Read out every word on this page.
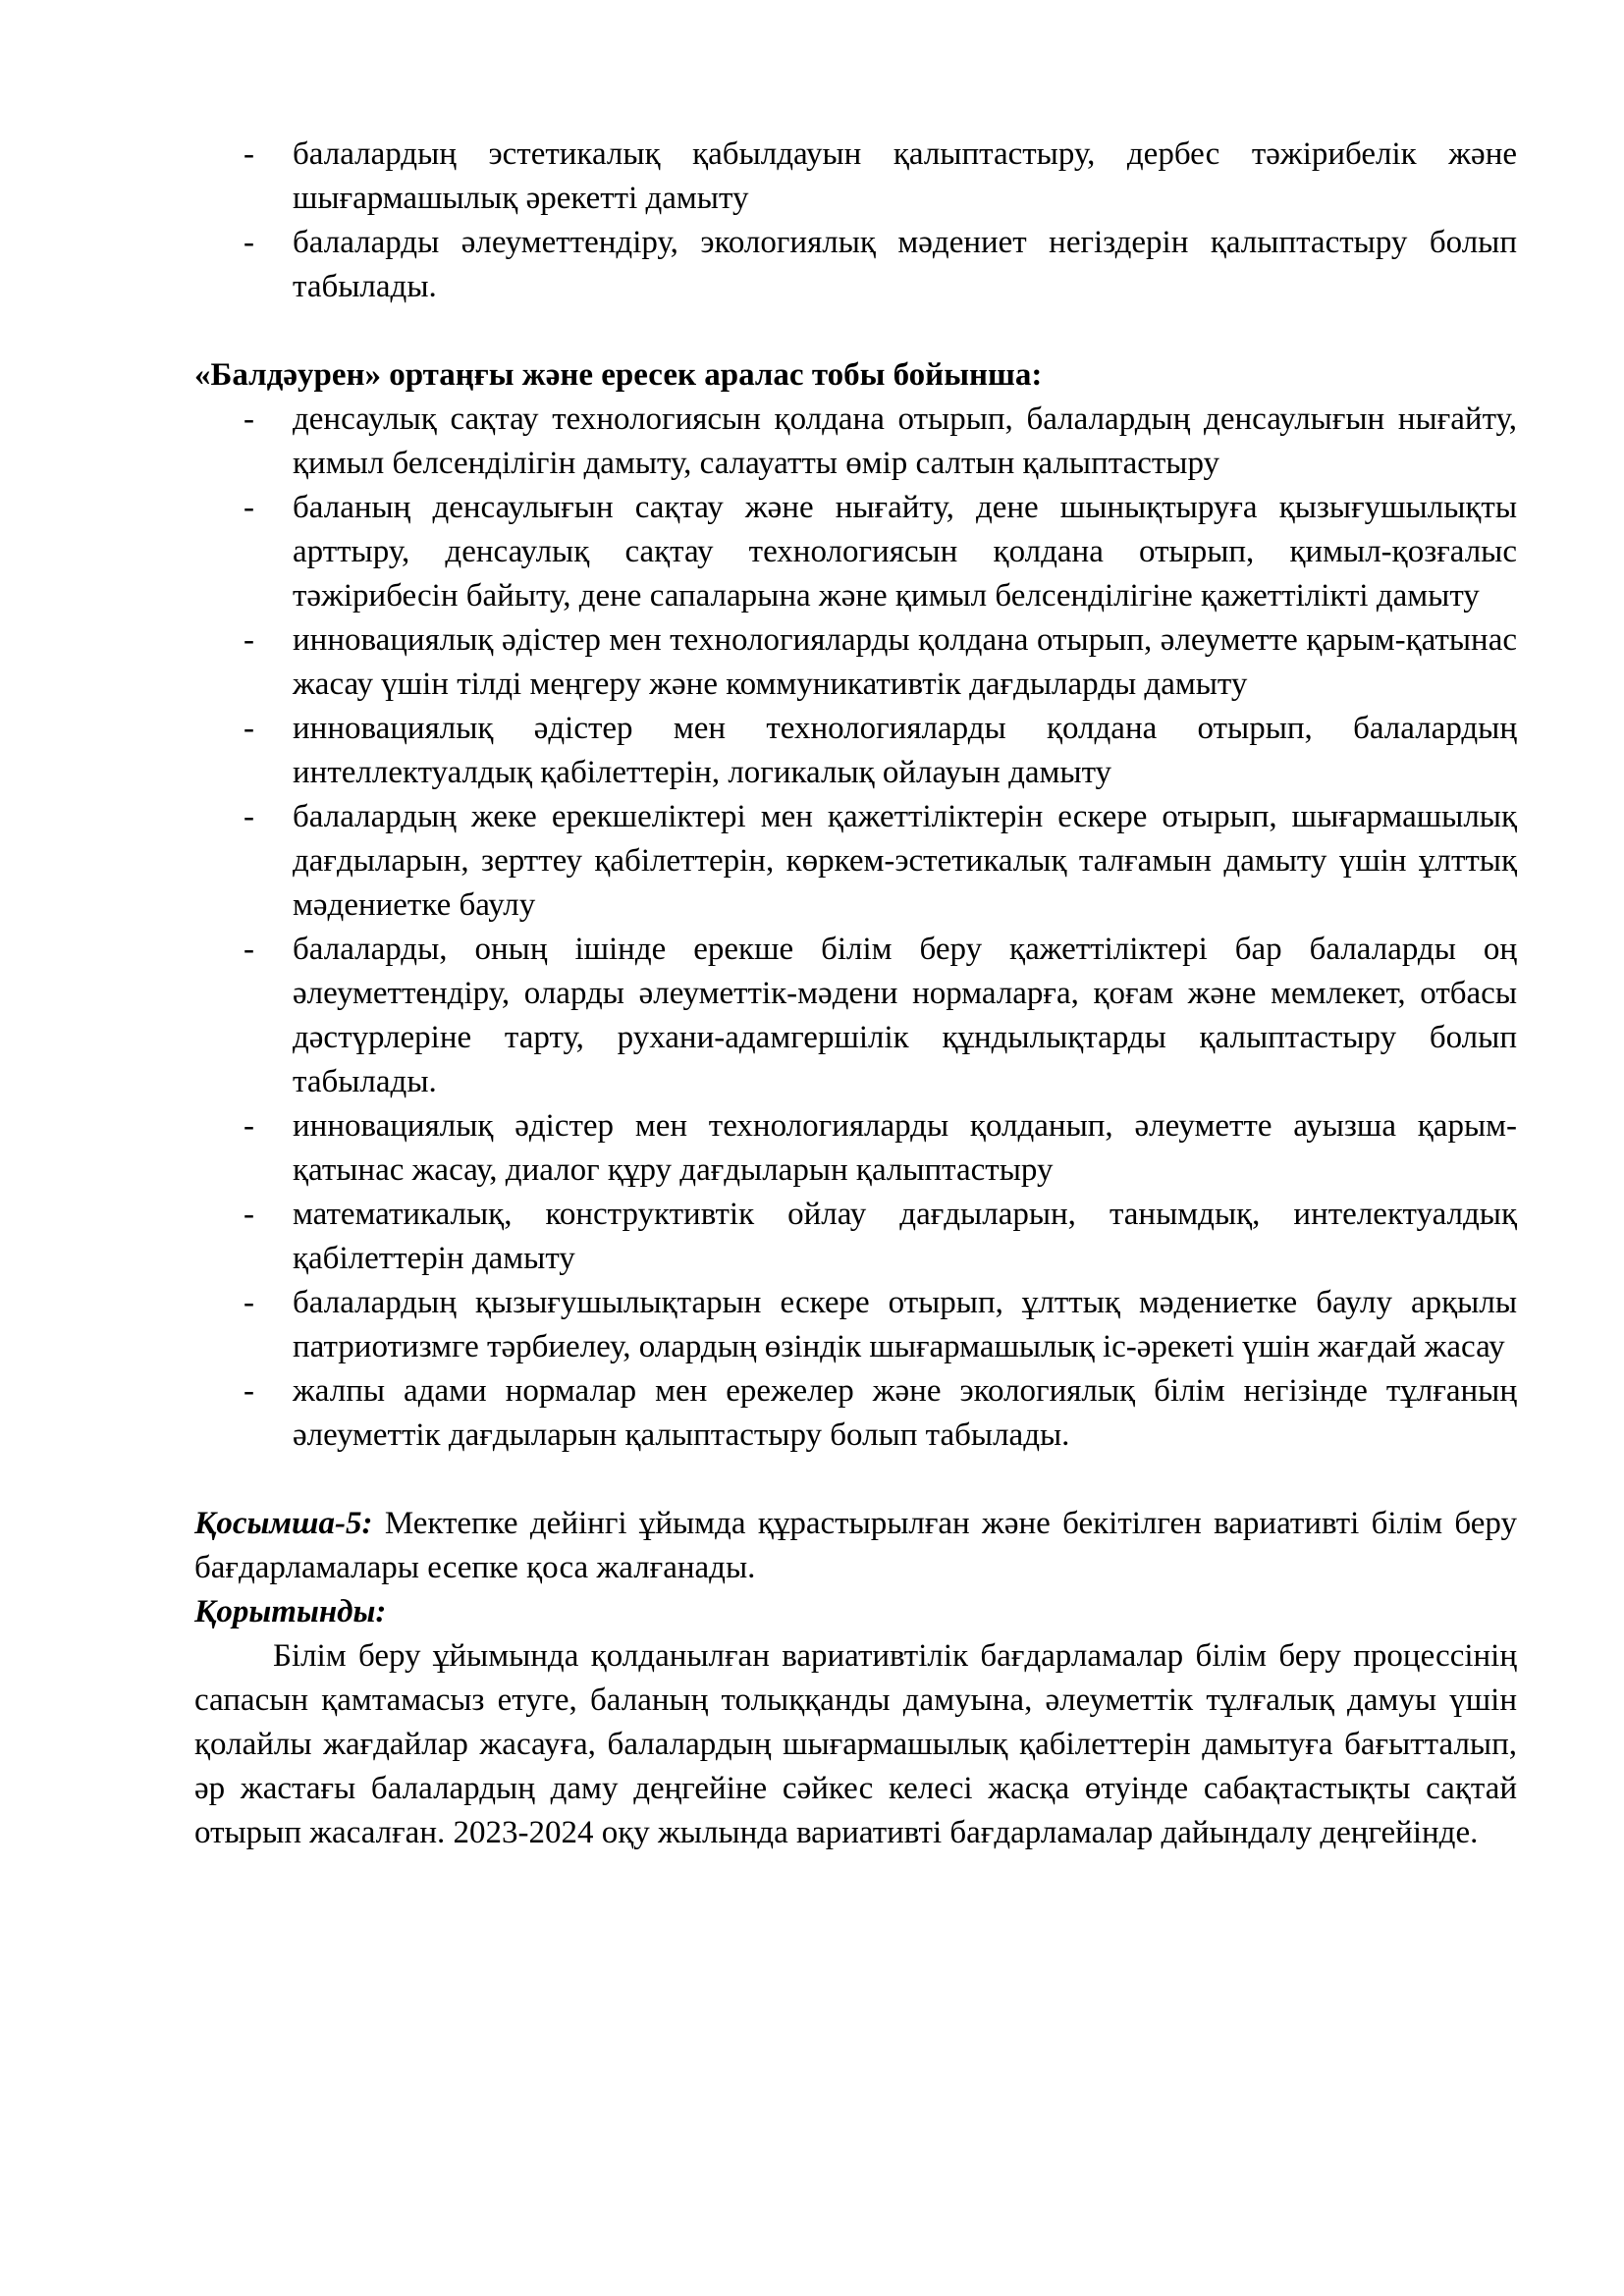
- балалардың эстетикалық қабылдауын қалыптастыру, дербес тәжірибелік және шығармашылық әрекетті дамыту
- балаларды әлеуметтендіру, экологиялық мәдениет негіздерін қалыптастыру болып табылады.

«Балдәурен» ортаңғы және ересек аралас тобы бойынша:

- денсаулық сақтау технологиясын қолдана отырып, балалардың денсаулығын нығайту, қимыл белсенділігін дамыту, салауатты өмір салтын қалыптастыру
- баланың денсаулығын сақтау және нығайту, дене шынықтыруға қызығушылықты арттыру, денсаулық сақтау технологиясын қолдана отырып, қимыл-қозғалыс тәжірибесін байыту, дене сапаларына және қимыл белсенділігіне қажеттілікті дамыту
- инновациялық әдістер мен технологияларды қолдана отырып, әлеуметте қарым-қатынас жасау үшін тілді меңгеру және коммуникативтік дағдыларды дамыту
- инновациялық әдістер мен технологияларды қолдана отырып, балалардың интеллектуалдық қабілеттерін, логикалық ойлауын дамыту
- балалардың жеке ерекшеліктері мен қажеттіліктерін ескере отырып, шығармашылық дағдыларын, зерттеу қабілеттерін, көркем-эстетикалық талғамын дамыту үшін ұлттық мәдениетке баулу
- балаларды, оның ішінде ерекше білім беру қажеттіліктері бар балаларды оң әлеуметтендіру, оларды әлеуметтік-мәдени нормаларға, қоғам және мемлекет, отбасы дәстүрлеріне тарту, рухани-адамгершілік құндылықтарды қалыптастыру болып табылады.
- инновациялық әдістер мен технологияларды қолданып, әлеуметте ауызша қарым-қатынас жасау, диалог құру дағдыларын қалыптастыру
- математикалық, конструктивтік ойлау дағдыларын, танымдық, интелектуалдық қабілеттерін дамыту
- балалардың қызығушылықтарын ескере отырып, ұлттық мәдениетке баулу арқылы патриотизмге тәрбиелеу, олардың өзіндік шығармашылық іс-әрекеті үшін жағдай жасау
- жалпы адами нормалар мен ережелер және экологиялық білім негізінде тұлғаның әлеуметтік дағдыларын қалыптастыру болып табылады.

Қосымша-5: Мектепке дейінгі ұйымда құрастырылған және бекітілген вариативті білім беру бағдарламалары есепке қоса жалғанады.

Қорытынды:

Білім беру ұйымында қолданылған вариативтілік бағдарламалар білім беру процессінің сапасын қамтамасыз етуге, баланың толыққанды дамуына, әлеуметтік тұлғалық дамуы үшін қолайлы жағдайлар жасауға, балалардың шығармашылық қабілеттерін дамытуға бағытталып, әр жастағы балалардың даму деңгейіне сәйкес келесі жасқа өтуінде сабақтастықты сақтай отырып жасалған. 2023-2024 оқу жылында вариативті бағдарламалар дайындалу деңгейінде.
